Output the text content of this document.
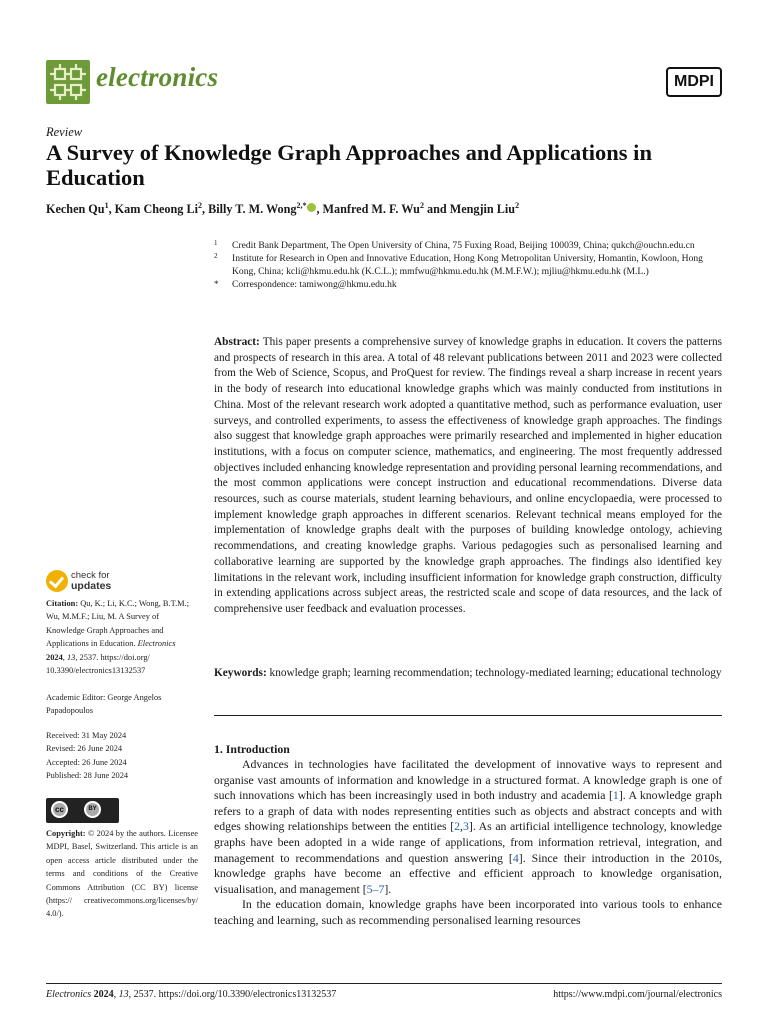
electronics	MDPI
Review
A Survey of Knowledge Graph Approaches and Applications in Education
Kechen Qu$^1$, Kam Cheong Li$^2$, Billy T. M. Wong$^{2,*}$ , Manfred M. F. Wu$^2$ and Mengjin Liu$^2$
1 Credit Bank Department, The Open University of China, 75 Fuxing Road, Beijing 100039, China; qukch@ouchn.edu.cn
2 Institute for Research in Open and Innovative Education, Hong Kong Metropolitan University, Homantin, Kowloon, Hong Kong, China; kcli@hkmu.edu.hk (K.C.L.); mmfwu@hkmu.edu.hk (M.M.F.W.); mjliu@hkmu.edu.hk (M.L.)
* Correspondence: tamiwong@hkmu.edu.hk
Abstract: This paper presents a comprehensive survey of knowledge graphs in education. It covers the patterns and prospects of research in this area. A total of 48 relevant publications between 2011 and 2023 were collected from the Web of Science, Scopus, and ProQuest for review. The findings reveal a sharp increase in recent years in the body of research into educational knowledge graphs which was mainly conducted from institutions in China. Most of the relevant research work adopted a quantitative method, such as performance evaluation, user surveys, and controlled experiments, to assess the effectiveness of knowledge graph approaches. The findings also suggest that knowledge graph approaches were primarily researched and implemented in higher education institutions, with a focus on computer science, mathematics, and engineering. The most frequently addressed objectives included enhancing knowledge representation and providing personal learning recommendations, and the most common applications were concept instruction and educational recommendations. Diverse data resources, such as course materials, student learning behaviours, and online encyclopaedia, were processed to implement knowledge graph approaches in different scenarios. Relevant technical means employed for the implementation of knowledge graphs dealt with the purposes of building knowledge ontology, achieving recommendations, and creating knowledge graphs. Various pedagogies such as personalised learning and collaborative learning are supported by the knowledge graph approaches. The findings also identified key limitations in the relevant work, including insufficient information for knowledge graph construction, difficulty in extending applications across subject areas, the restricted scale and scope of data resources, and the lack of comprehensive user feedback and evaluation processes.
Keywords: knowledge graph; learning recommendation; technology-mediated learning; educational technology
1. Introduction

Advances in technologies have facilitated the development of innovative ways to represent and organise vast amounts of information and knowledge in a structured format. A knowledge graph is one of such innovations which has been increasingly used in both industry and academia [1]. A knowledge graph refers to a graph of data with nodes representing entities such as objects and abstract concepts and with edges showing relationships between the entities [2,3]. As an artificial intelligence technology, knowledge graphs have been adopted in a wide range of applications, from information retrieval, integration, and management to recommendations and question answering [4]. Since their introduction in the 2010s, knowledge graphs have become an effective and efficient approach to knowledge organisation, visualisation, and management [5–7].

In the education domain, knowledge graphs have been incorporated into various tools to enhance teaching and learning, such as recommending personalised learning resources

check for
updates
Citation: Qu, K.; Li, K.C.; Wong, B.T.M.; Wu, M.M.F.; Liu, M. A Survey of Knowledge Graph Approaches and Applications in Education. Electronics
2024, 13, 2537. https://doi.org/ 10.3390/electronics13132537
Academic Editor: George Angelos Papadopoulos
Received: 31 May 2024
Revised: 26 June 2024
Accepted: 26 June 2024
Published: 28 June 2024
cc	BY
Copyright: © 2024 by the authors. Licensee MDPI, Basel, Switzerland. This article is an open access article distributed under the terms and conditions of the Creative Commons Attribution (CC BY) license (https:// creativecommons.org/licenses/by/ 4.0/).
Electronics 2024, 13, 2537. https://doi.org/10.3390/electronics13132537	https://www.mdpi.com/journal/electronics
